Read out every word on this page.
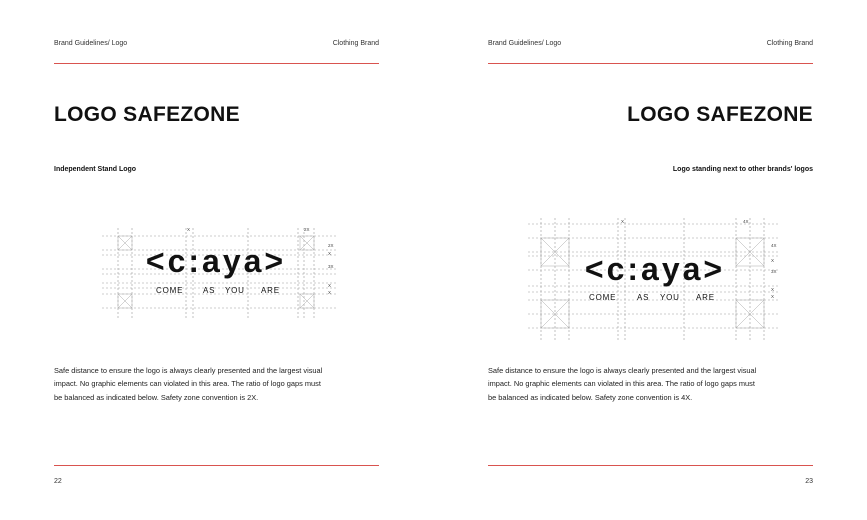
Brand Guidelines/ Logo	Clothing Brand
LOGO SAFEZONE
Independent Stand Logo
X	2X
2X
X
3X
X
X
<c:aya>
COME AS YOU ARE
Safe distance to ensure the logo is always clearly presented and the largest visual impact. No graphic elements can violated in this area. The ratio of logo gaps must be balanced as indicated below. Safety zone convention is 2X.
22
Brand Guidelines/ Logo	Clothing Brand
LOGO SAFEZONE
Logo standing next to other brands' logos
X	4X
4X
X
3X
X
X
<c:aya>
COME	AS YOU ARE
Safe distance to ensure the logo is always clearly presented and the largest visual impact. No graphic elements can violated in this area. The ratio of logo gaps must be balanced as indicated below. Safety zone convention is 4X.
23
